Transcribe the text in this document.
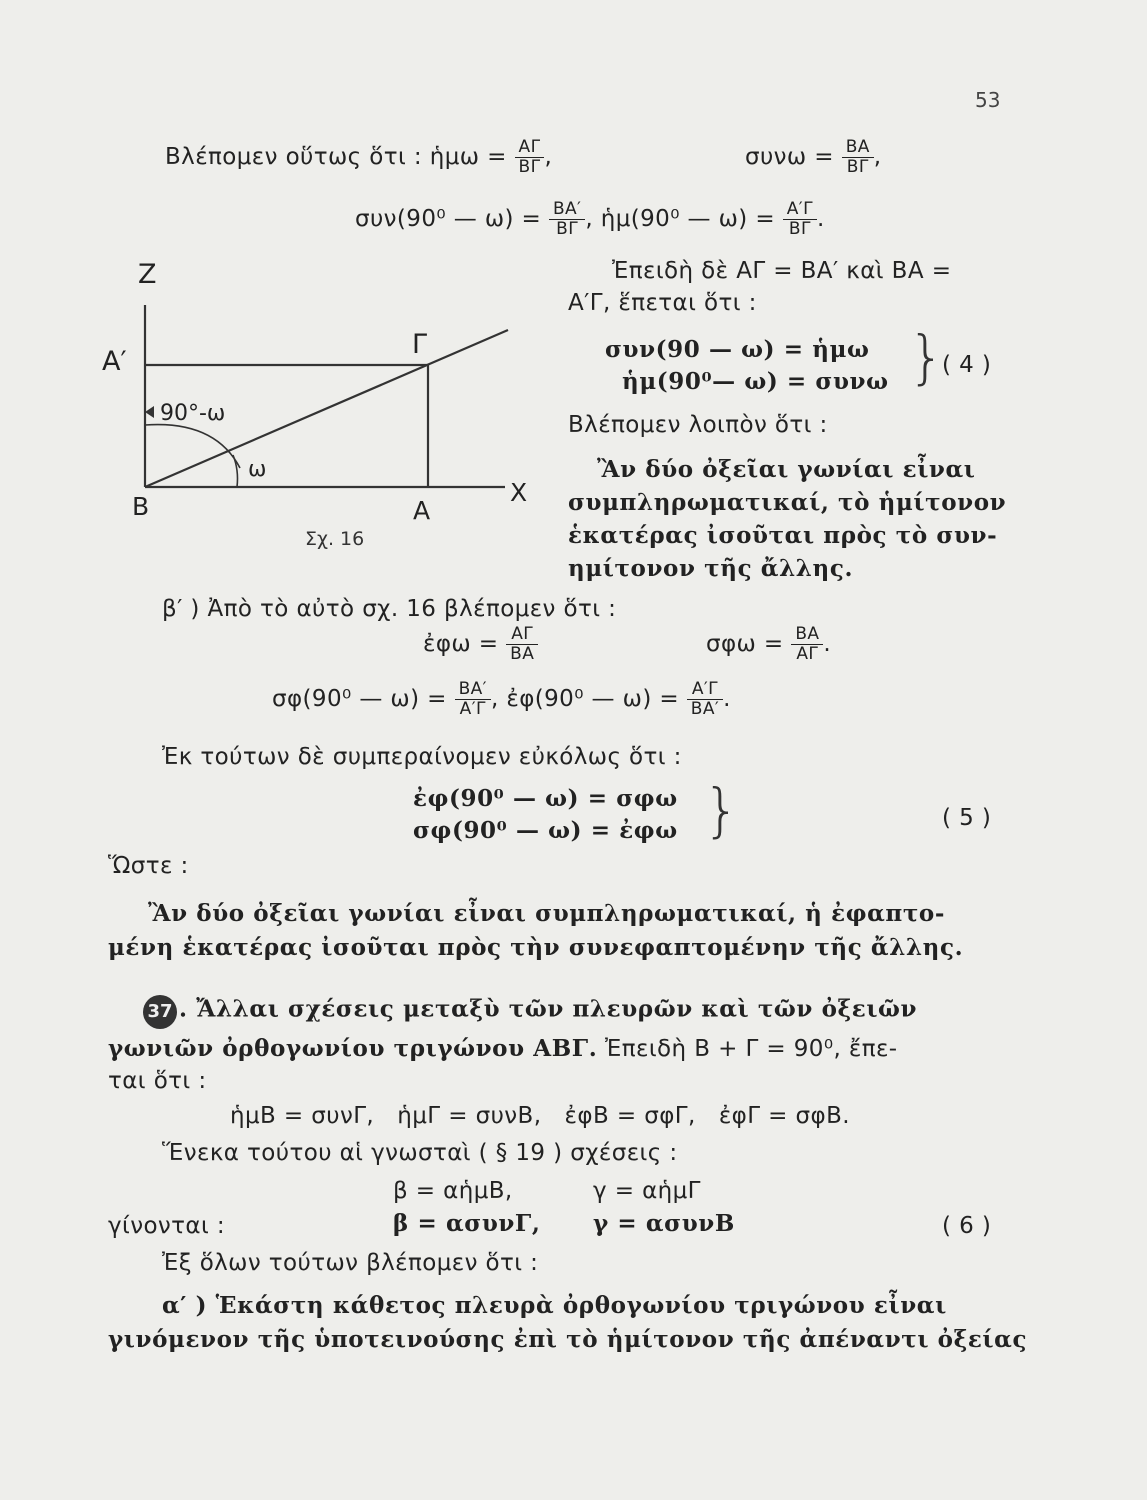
53
Βλέπομεν οὕτως ὅτι : ἡμω = $\frac{A\Gamma}{B\Gamma}$ ,	$\sigma\upsilon\nu\omega = \frac{BA}{B\Gamma}$ ,
συν(90⁰ — $\omega) = \frac{BA'}{B\Gamma}$ , ἡμ(90⁰ — $\omega) = \frac{A'\Gamma}{B\Gamma}$ .
Ἐπειδὴ δὲ ΑΓ = ΒΑ′ καὶ ΒΑ =
Α′Γ, ἕπεται ὅτι :
συν(90 — ω) = ἡμω
ἡμ(90⁰— ω) = συνω }
( 4 )
Βλέπομεν λοιπὸν ὅτι :
Ἂν δύο ὀξεῖαι γωνίαι εἶναι
συμπληρωματικαί, τὸ ἡμίτονον
ἑκατέρας ἰσοῦται πρὸς τὸ συν-
ημίτονον τῆς ἄλλης.
Z
Α′
Γ
90°-ω
ω
Β	Α
X
Σχ. 16
β′ ) Ἀπὸ τὸ αὐτὸ σχ. 16 βλέπομεν ὅτι :
ἐφω = $\frac{A\Gamma}{BA}$	$\sigma\varphi\omega = \frac{BA}{A\Gamma}$ .
σφ(90⁰ — $\omega) = \frac{BA'}{A'\Gamma}$ , ἐφ(90⁰ — $\omega) = \frac{A'\Gamma}{BA'}$ .
Ἐκ τούτων δὲ συμπεραίνομεν εὐκόλως ὅτι :
ἐφ(90⁰ — ω) = σφω
σφ(90⁰ — ω) = ἐφω }	( 5 )
Ὥστε :
Ἂν δύο ὀξεῖαι γωνίαι εἶναι συμπληρωματικαί, ἡ ἐφαπτο-
μένη ἑκατέρας ἰσοῦται πρὸς τὴν συνεφαπτομένην τῆς ἄλλης.
37 . Ἄλλαι σχέσεις μεταξὺ τῶν πλευρῶν καὶ τῶν ὀξειῶν
γωνιῶν ὀρθογωνίου τριγώνου ΑΒΓ. Ἐπειδὴ Β + Γ = 90⁰, ἔπε-
ται ὅτι :
ἡμΒ = συνΓ,   ἡμΓ = συνΒ,   ἐφΒ = σφΓ,   ἐφΓ = σφΒ.
Ἕνεκα τούτου αἱ γνωσταὶ ( § 19 ) σχέσεις :
β = αἡμΒ,	γ = αἡμΓ
γίνονται :	β = ασυνΓ, γ = ασυνΒ	( 6 )
Ἐξ ὅλων τούτων βλέπομεν ὅτι :
α′ ) Ἑκάστη κάθετος πλευρὰ ὀρθογωνίου τριγώνου εἶναι
γινόμενον τῆς ὑποτεινούσης ἐπὶ τὸ ἡμίτονον τῆς ἀπέναντι ὀξείας
